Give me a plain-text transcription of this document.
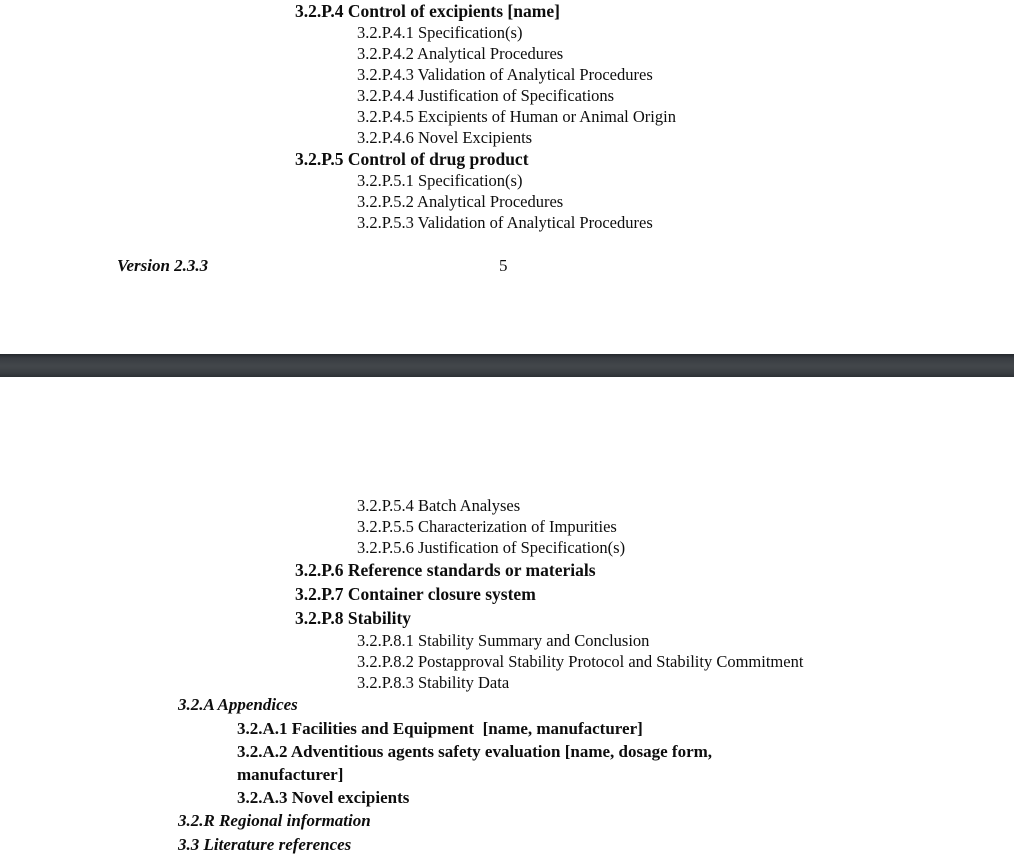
3.2.P.4 Control of excipients [name]
3.2.P.4.1 Specification(s)
3.2.P.4.2 Analytical Procedures
3.2.P.4.3 Validation of Analytical Procedures
3.2.P.4.4 Justification of Specifications
3.2.P.4.5 Excipients of Human or Animal Origin
3.2.P.4.6 Novel Excipients
3.2.P.5 Control of drug product
3.2.P.5.1 Specification(s)
3.2.P.5.2 Analytical Procedures
3.2.P.5.3 Validation of Analytical Procedures
Version 2.3.3	5
3.2.P.5.4 Batch Analyses
3.2.P.5.5 Characterization of Impurities
3.2.P.5.6 Justification of Specification(s)
3.2.P.6 Reference standards or materials
3.2.P.7 Container closure system
3.2.P.8 Stability
3.2.P.8.1 Stability Summary and Conclusion
3.2.P.8.2 Postapproval Stability Protocol and Stability Commitment
3.2.P.8.3 Stability Data
3.2.A Appendices
3.2.A.1 Facilities and Equipment  [name, manufacturer]
3.2.A.2 Adventitious agents safety evaluation [name, dosage form,
manufacturer]
3.2.A.3 Novel excipients
3.2.R Regional information
3.3 Literature references
